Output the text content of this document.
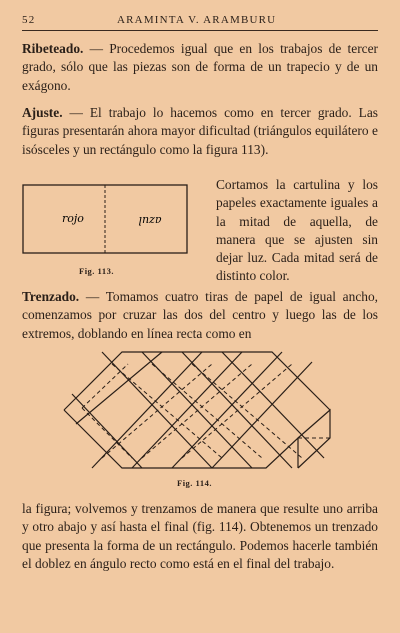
52	ARAMINTA V. ARAMBURU

Ribeteado. — Procedemos igual que en los trabajos de tercer grado, sólo que las piezas son de forma de un trapecio y de un exágono.

Ajuste. — El trabajo lo hacemos como en tercer grado. Las figuras presentarán ahora mayor dificultad (triángulos equilátero e isósceles y un rectángulo como la figura 113).

rojo	azul
Fig. 113.

Cortamos la cartulina y los papeles exactamente iguales a la mitad de aquella, de manera que se ajusten sin dejar luz. Cada mitad será de distinto color.

Trenzado. — Tomamos cuatro tiras de papel de igual ancho, comenzamos por cruzar las dos del centro y luego las de los extremos, doblando en línea recta como en

Fig. 114.

la figura; volvemos y trenzamos de manera que resulte uno arriba y otro abajo y así hasta el final (fig. 114). Obtenemos un trenzado que presenta la forma de un rectángulo. Podemos hacerle también el doblez en ángulo recto como está en el final del trabajo.
